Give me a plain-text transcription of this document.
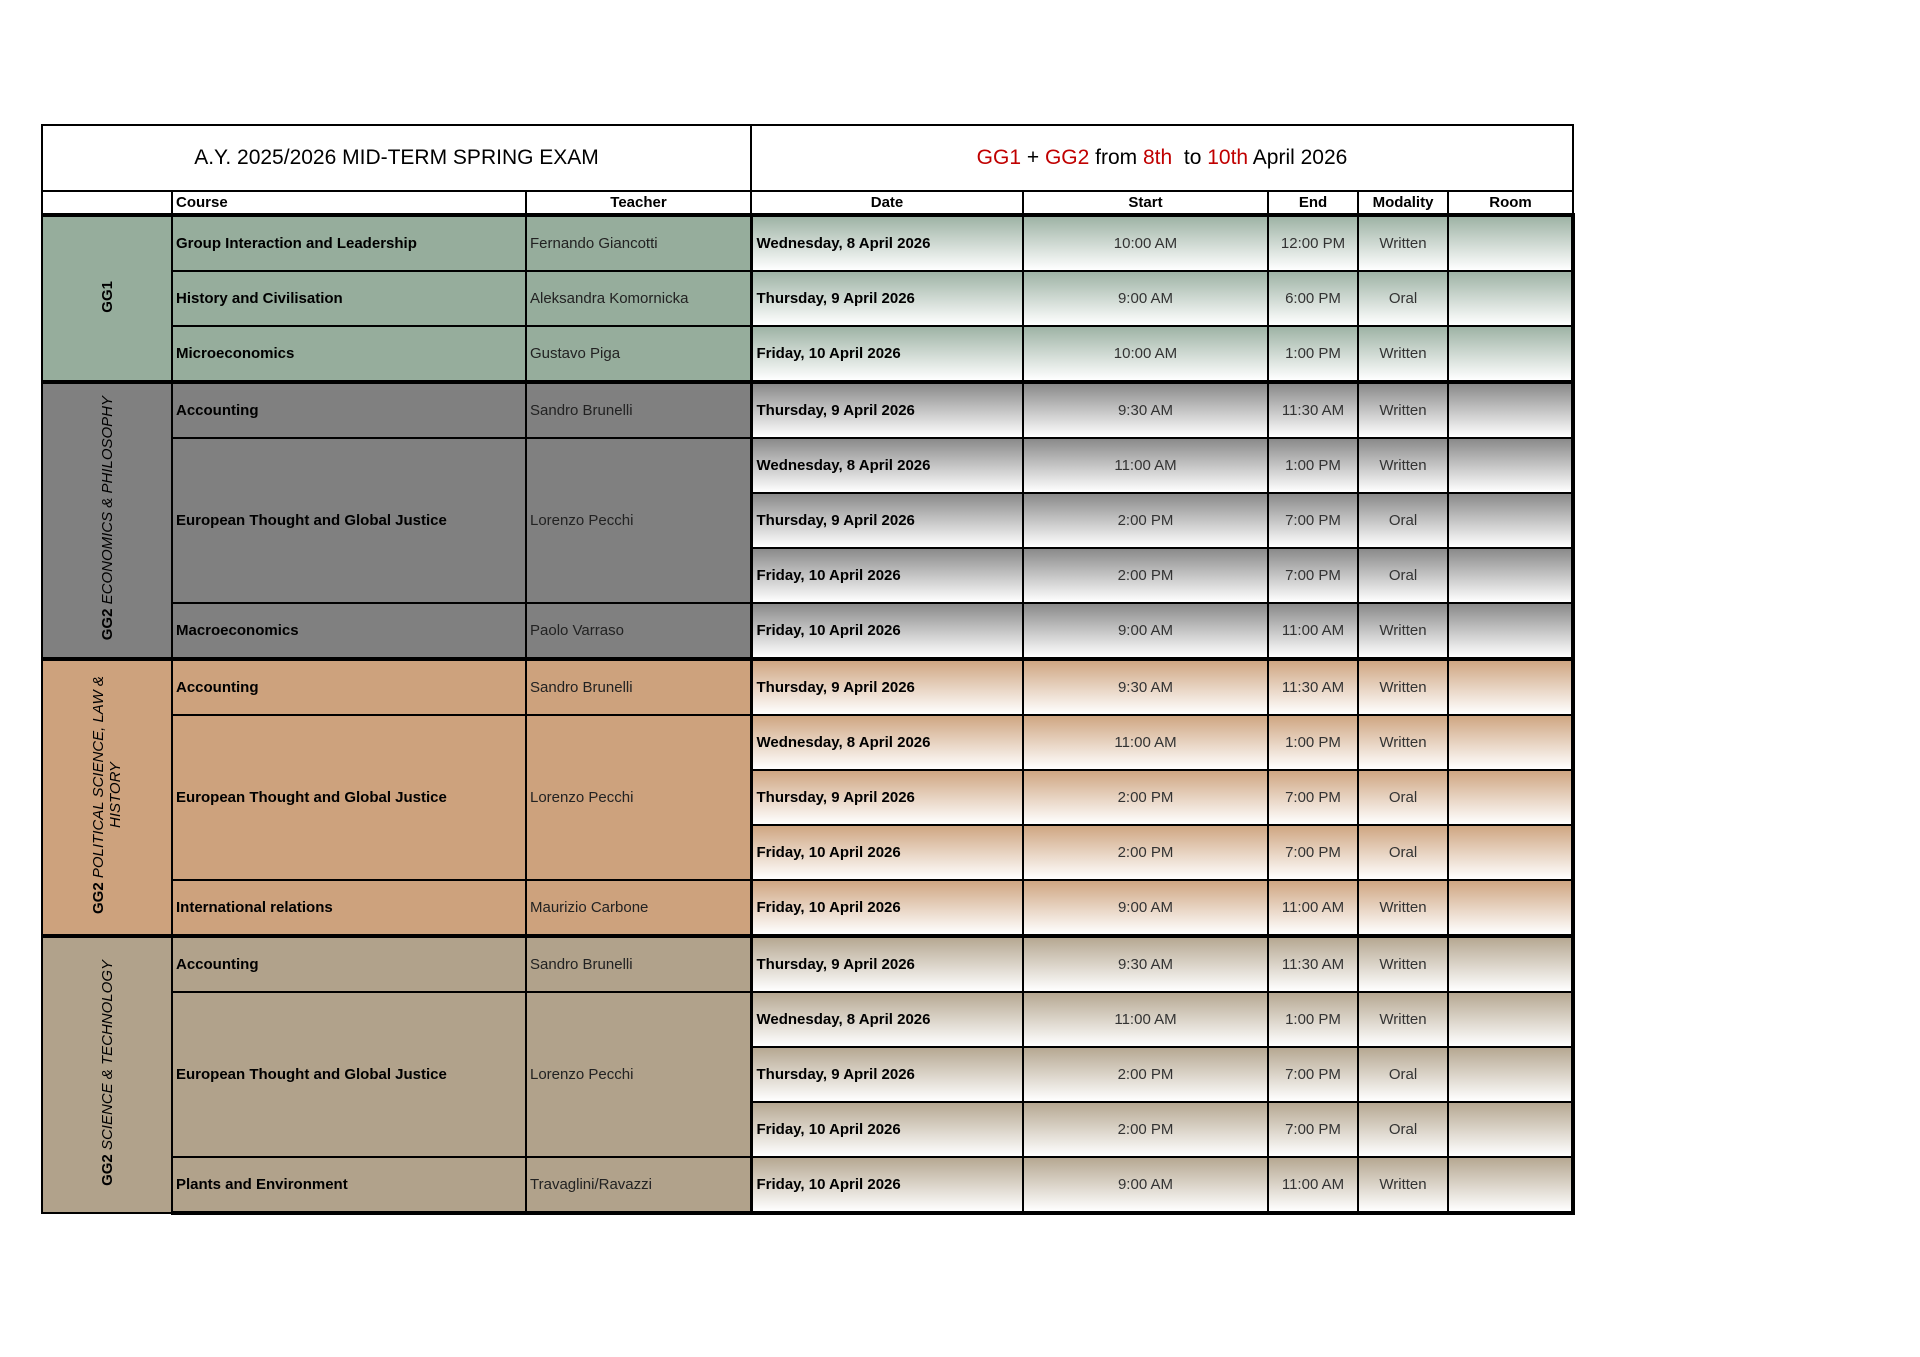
A.Y. 2025/2026 MID-TERM SPRING EXAM			GG1 + GG2 from 8th  to 10th April 2026				
	Course	Teacher	Date	Start	End	Modality	Room
GG1	Group Interaction and Leadership	Fernando Giancotti	Wednesday, 8 April 2026	10:00 AM	12:00 PM	Written	
	History and Civilisation	Aleksandra Komornicka	Thursday, 9 April 2026	9:00 AM	6:00 PM	Oral	
	Microeconomics	Gustavo Piga	Friday, 10 April 2026	10:00 AM	1:00 PM	Written	
GG2 ECONOMICS & PHILOSOPHY	Accounting	Sandro Brunelli	Thursday, 9 April 2026	9:30 AM	11:30 AM	Written	
	European Thought and Global Justice	Lorenzo Pecchi	Wednesday, 8 April 2026	11:00 AM	1:00 PM	Written	
			Thursday, 9 April 2026	2:00 PM	7:00 PM	Oral	
			Friday, 10 April 2026	2:00 PM	7:00 PM	Oral	
	Macroeconomics	Paolo Varraso	Friday, 10 April 2026	9:00 AM	11:00 AM	Written	
GG2 POLITICAL SCIENCE, LAW & HISTORY	Accounting	Sandro Brunelli	Thursday, 9 April 2026	9:30 AM	11:30 AM	Written	
	European Thought and Global Justice	Lorenzo Pecchi	Wednesday, 8 April 2026	11:00 AM	1:00 PM	Written	
			Thursday, 9 April 2026	2:00 PM	7:00 PM	Oral	
			Friday, 10 April 2026	2:00 PM	7:00 PM	Oral	
	International relations	Maurizio Carbone	Friday, 10 April 2026	9:00 AM	11:00 AM	Written	
GG2 SCIENCE & TECHNOLOGY	Accounting	Sandro Brunelli	Thursday, 9 April 2026	9:30 AM	11:30 AM	Written	
	European Thought and Global Justice	Lorenzo Pecchi	Wednesday, 8 April 2026	11:00 AM	1:00 PM	Written	
			Thursday, 9 April 2026	2:00 PM	7:00 PM	Oral	
			Friday, 10 April 2026	2:00 PM	7:00 PM	Oral	
	Plants and Environment	Travaglini/Ravazzi	Friday, 10 April 2026	9:00 AM	11:00 AM	Written	
